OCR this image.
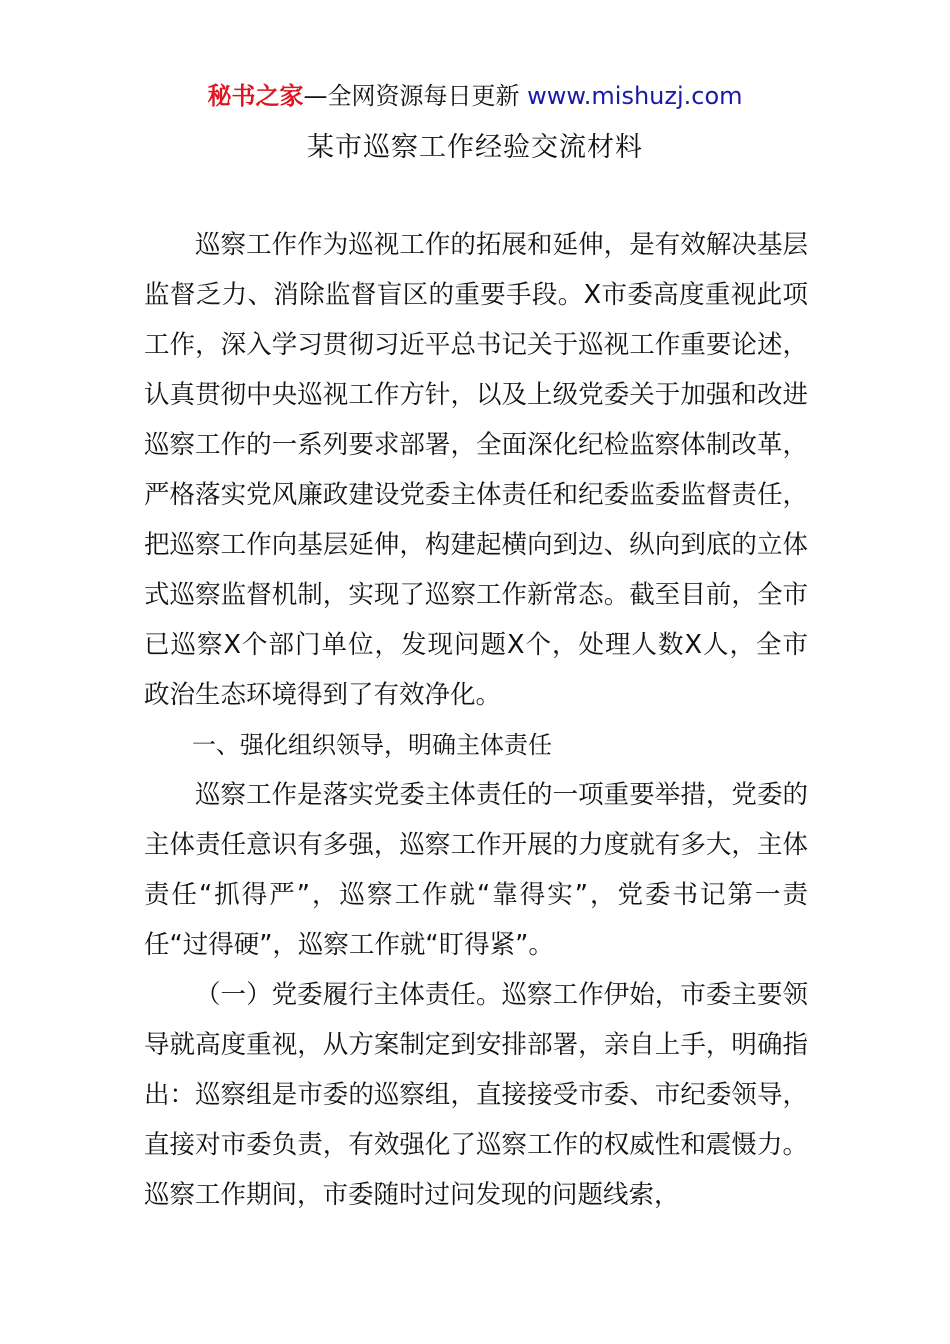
秘书之家—全网资源每日更新 www.mishuzj.com
某市巡察工作经验交流材料

巡察工作作为巡视工作的拓展和延伸，是有效解决基层监督乏力、消除监督盲区的重要手段。X市委高度重视此项工作，深入学习贯彻习近平总书记关于巡视工作重要论述，认真贯彻中央巡视工作方针，以及上级党委关于加强和改进巡察工作的一系列要求部署，全面深化纪检监察体制改革，严格落实党风廉政建设党委主体责任和纪委监委监督责任，把巡察工作向基层延伸，构建起横向到边、纵向到底的立体式巡察监督机制，实现了巡察工作新常态。截至目前，全市已巡察X个部门单位，发现问题X个，处理人数X人，全市政治生态环境得到了有效净化。

一、强化组织领导，明确主体责任

巡察工作是落实党委主体责任的一项重要举措，党委的主体责任意识有多强，巡察工作开展的力度就有多大，主体责任“抓得严”，巡察工作就“靠得实”，党委书记第一责任“过得硬”，巡察工作就“盯得紧”。

（一）党委履行主体责任。巡察工作伊始，市委主要领导就高度重视，从方案制定到安排部署，亲自上手，明确指出：巡察组是市委的巡察组，直接接受市委、市纪委领导，直接对市委负责，有效强化了巡察工作的权威性和震慑力。巡察工作期间，市委随时过问发现的问题线索，
